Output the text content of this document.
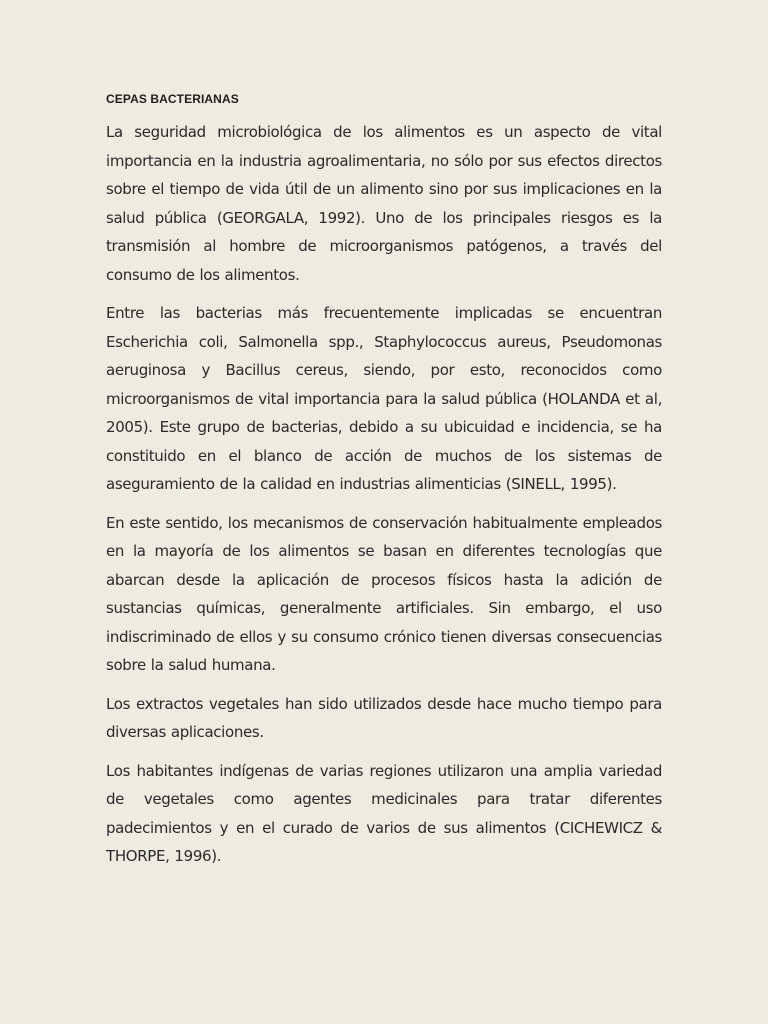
CEPAS BACTERIANAS

La seguridad microbiológica de los alimentos es un aspecto de vital importancia en la industria agroalimentaria, no sólo por sus efectos directos sobre el tiempo de vida útil de un alimento sino por sus implicaciones en la salud pública (GEORGALA, 1992). Uno de los principales riesgos es la transmisión al hombre de microorganismos patógenos, a través del consumo de los alimentos.

Entre las bacterias más frecuentemente implicadas se encuentran Escherichia coli, Salmonella spp., Staphylococcus aureus, Pseudomonas aeruginosa y Bacillus cereus, siendo, por esto, reconocidos como microorganismos de vital importancia para la salud pública (HOLANDA et al, 2005). Este grupo de bacterias, debido a su ubicuidad e incidencia, se ha constituido en el blanco de acción de muchos de los sistemas de aseguramiento de la calidad en industrias alimenticias (SINELL, 1995).

En este sentido, los mecanismos de conservación habitualmente empleados en la mayoría de los alimentos se basan en diferentes tecnologías que abarcan desde la aplicación de procesos físicos hasta la adición de sustancias químicas, generalmente artificiales. Sin embargo, el uso indiscriminado de ellos y su consumo crónico tienen diversas consecuencias sobre la salud humana.

Los extractos vegetales han sido utilizados desde hace mucho tiempo para diversas aplicaciones.

Los habitantes indígenas de varias regiones utilizaron una amplia variedad de vegetales como agentes medicinales para tratar diferentes padecimientos y en el curado de varios de sus alimentos (CICHEWICZ & THORPE, 1996).
